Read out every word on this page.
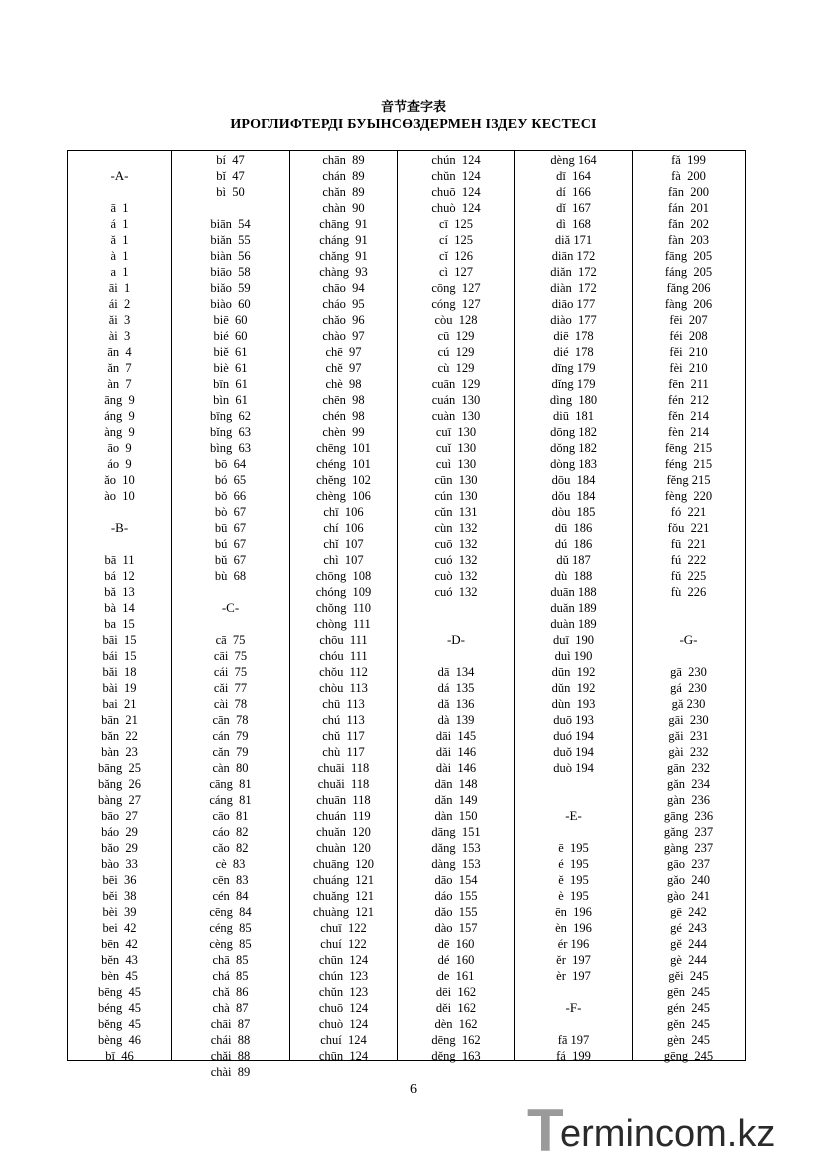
音节查字表
ИРОГЛИФТЕРДІ БУЫНСӨЗДЕРМЕН ІЗДЕУ КЕСТЕСІ
-A-
ā  1
á  1
ǎ  1
à  1
a  1
āi  1
ái  2
ǎi  3
ài  3
ān  4
ǎn  7
àn  7
āng  9
áng  9
àng  9
āo  9
áo  9
ǎo  10
ào  10
-B-
bā  11
bá  12
bǎ  13
bà  14
ba  15
bāi  15
bái  15
bǎi  18
bài  19
bai  21
bān  21
bǎn  22
bàn  23
bāng  25
bǎng  26
bàng  27
bāo  27
báo  29
bǎo  29
bào  33
bēi  36
běi  38
bèi  39
bei  42
bēn  42
běn  43
bèn  45
bēng  45
béng  45
běng  45
bèng  46
bī  46
bí  47
bǐ  47
bì  50
biān  54
biǎn  55
biàn  56
biāo  58
biǎo  59
biào  60
biē  60
bié  60
biě  61
biè  61
bīn  61
bìn  61
bīng  62
bǐng  63
bìng  63
bō  64
bó  65
bǒ  66
bò  67
bū  67
bú  67
bǔ  67
bù  68
-C-
cā  75
cāi  75
cái  75
cǎi  77
cài  78
cān  78
cán  79
cǎn  79
càn  80
cāng  81
cáng  81
cāo  81
cáo  82
cǎo  82
cè  83
cēn  83
cén  84
cēng  84
céng  85
cèng  85
chā  85
chá  85
chǎ  86
chà  87
chāi  87
chái  88
chǎi  88
chài  89
chān  89
chán  89
chǎn  89
chàn  90
chāng  91
cháng  91
chǎng  91
chàng  93
chāo  94
cháo  95
chǎo  96
chào  97
chē  97
chě  97
chè  98
chēn  98
chén  98
chèn  99
chēng  101
chéng  101
chěng  102
chèng  106
chī  106
chí  106
chǐ  107
chì  107
chōng  108
chóng  109
chǒng  110
chòng  111
chōu  111
chóu  111
chǒu  112
chòu  113
chū  113
chú  113
chǔ  117
chù  117
chuāi  118
chuǎi  118
chuān  118
chuán  119
chuǎn  120
chuàn  120
chuāng  120
chuáng  121
chuǎng  121
chuàng  121
chuī  122
chuí  122
chūn  124
chún  123
chǔn  123
chuō  124
chuò  124
chuí  124
chūn  124
chún  124
chǔn  124
chuō  124
chuò  124
cī  125
cí  125
cǐ  126
cì  127
cōng  127
cóng  127
còu  128
cū  129
cú  129
cù  129
cuān  129
cuán  130
cuàn  130
cuī  130
cuǐ  130
cuì  130
cūn  130
cún  130
cǔn  131
cùn  132
cuō  132
cuó  132
cuò  132
cuó  132
-D-
dā  134
dá  135
dǎ  136
dà  139
dāi  145
dǎi  146
dài  146
dān  148
dǎn  149
dàn  150
dāng  151
dǎng  153
dàng  153
dāo  154
dáo  155
dǎo  155
dào  157
dē  160
dé  160
de  161
dēi  162
děi  162
dèn  162
dēng  162
děng  163
dèng 164
dī  164
dí  166
dǐ  167
dì  168
diǎ 171
diān 172
diǎn  172
diàn  172
diāo 177
diào  177
diē  178
dié  178
dīng 179
dǐng 179
dìng  180
diū  181
dōng 182
dǒng 182
dòng 183
dōu  184
dǒu  184
dòu  185
dū  186
dú  186
dǔ 187
dù  188
duān 188
duǎn 189
duàn 189
duī  190
duì 190
dūn  192
dǔn  192
dùn  193
duō 193
duó 194
duǒ 194
duò 194
-E-
ē  195
é  195
ě  195
è  195
ēn  196
èn  196
ér 196
ěr  197
èr  197
-F-
fā 197
fá  199
fǎ  199
fà  200
fān  200
fán  201
fǎn  202
fàn  203
fāng  205
fáng  205
fǎng 206
fàng  206
fēi  207
féi  208
fěi  210
fèi  210
fēn  211
fén  212
fěn  214
fèn  214
fēng  215
féng  215
fěng 215
fèng  220
fó  221
fǒu  221
fū  221
fú  222
fǔ  225
fù  226
-G-
gā  230
gá  230
gǎ 230
gāi  230
gǎi  231
gài  232
gān  232
gǎn  234
gàn  236
gāng  236
gǎng  237
gàng  237
gāo  237
gǎo  240
gào  241
gē  242
gé  243
gě  244
gè  244
gěi  245
gēn  245
gén  245
gěn  245
gèn  245
gēng  245
6
T
ermincom.kz
